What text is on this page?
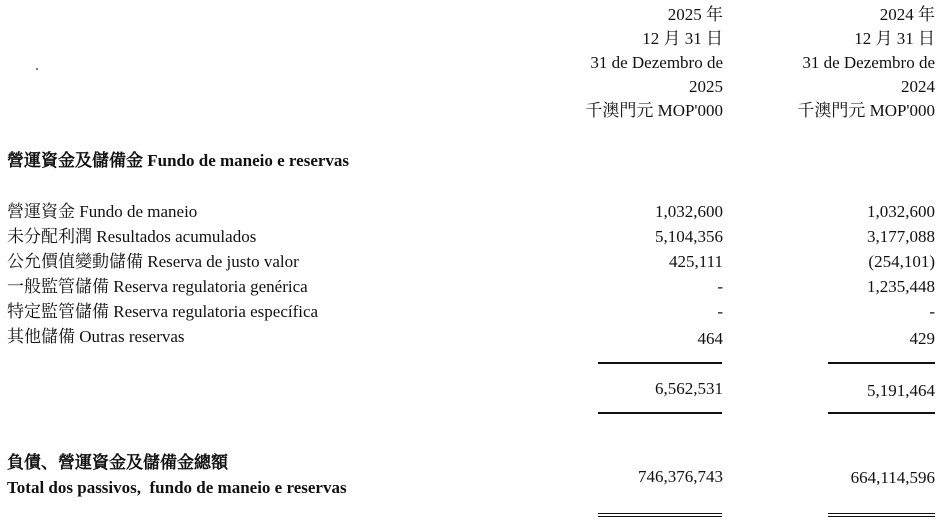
2025 年
12 月 31 日
31 de Dezembro de
2025
千澳門元 MOP'000
2024 年
12 月 31 日
31 de Dezembro de
2024
千澳門元 MOP'000
營運資金及儲備金 Fundo de maneio e reservas
營運資金 Fundo de maneio	1,032,600	1,032,600
未分配利潤 Resultados acumulados	5,104,356	3,177,088
公允價值變動儲備 Reserva de justo valor	425,111	(254,101)
一般監管儲備 Reserva regulatoria genérica	-	1,235,448
特定監管儲備 Reserva regulatoria específica	-	-
其他儲備 Outras reservas	464	429
6,562,531	5,191,464
負債、營運資金及儲備金總額
Total dos passivos,  fundo de maneio e reservas
746,376,743	664,114,596
